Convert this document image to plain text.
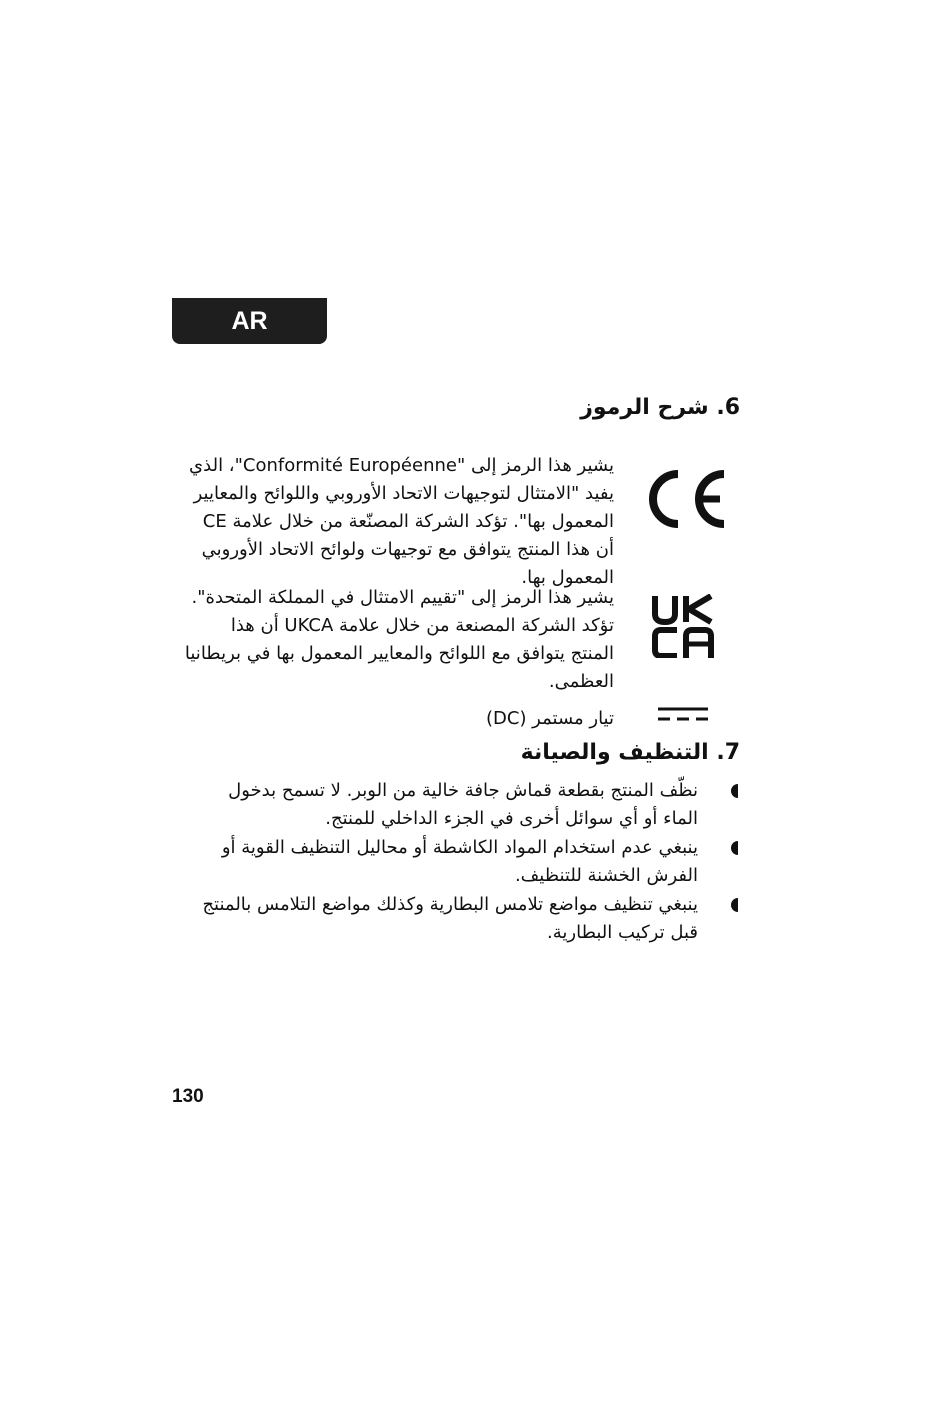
AR
6. شرح الرموز

يشير هذا الرمز إلى "Conformité Européenne"، الذي يفيد "الامتثال لتوجيهات الاتحاد الأوروبي واللوائح والمعايير المعمول بها". تؤكد الشركة المصنّعة من خلال علامة CE أن هذا المنتج يتوافق مع توجيهات ولوائح الاتحاد الأوروبي المعمول بها.

يشير هذا الرمز إلى "تقييم الامتثال في المملكة المتحدة". تؤكد الشركة المصنعة من خلال علامة UKCA أن هذا المنتج يتوافق مع اللوائح والمعايير المعمول بها في بريطانيا العظمى.

تيار مستمر (DC)

7. التنظيف والصيانة
نظّف المنتج بقطعة قماش جافة خالية من الوبر. لا تسمح بدخول الماء أو أي سوائل أخرى في الجزء الداخلي للمنتج.
ينبغي عدم استخدام المواد الكاشطة أو محاليل التنظيف القوية أو الفرش الخشنة للتنظيف.
ينبغي تنظيف مواضع تلامس البطارية وكذلك مواضع التلامس بالمنتج قبل تركيب البطارية.
130
